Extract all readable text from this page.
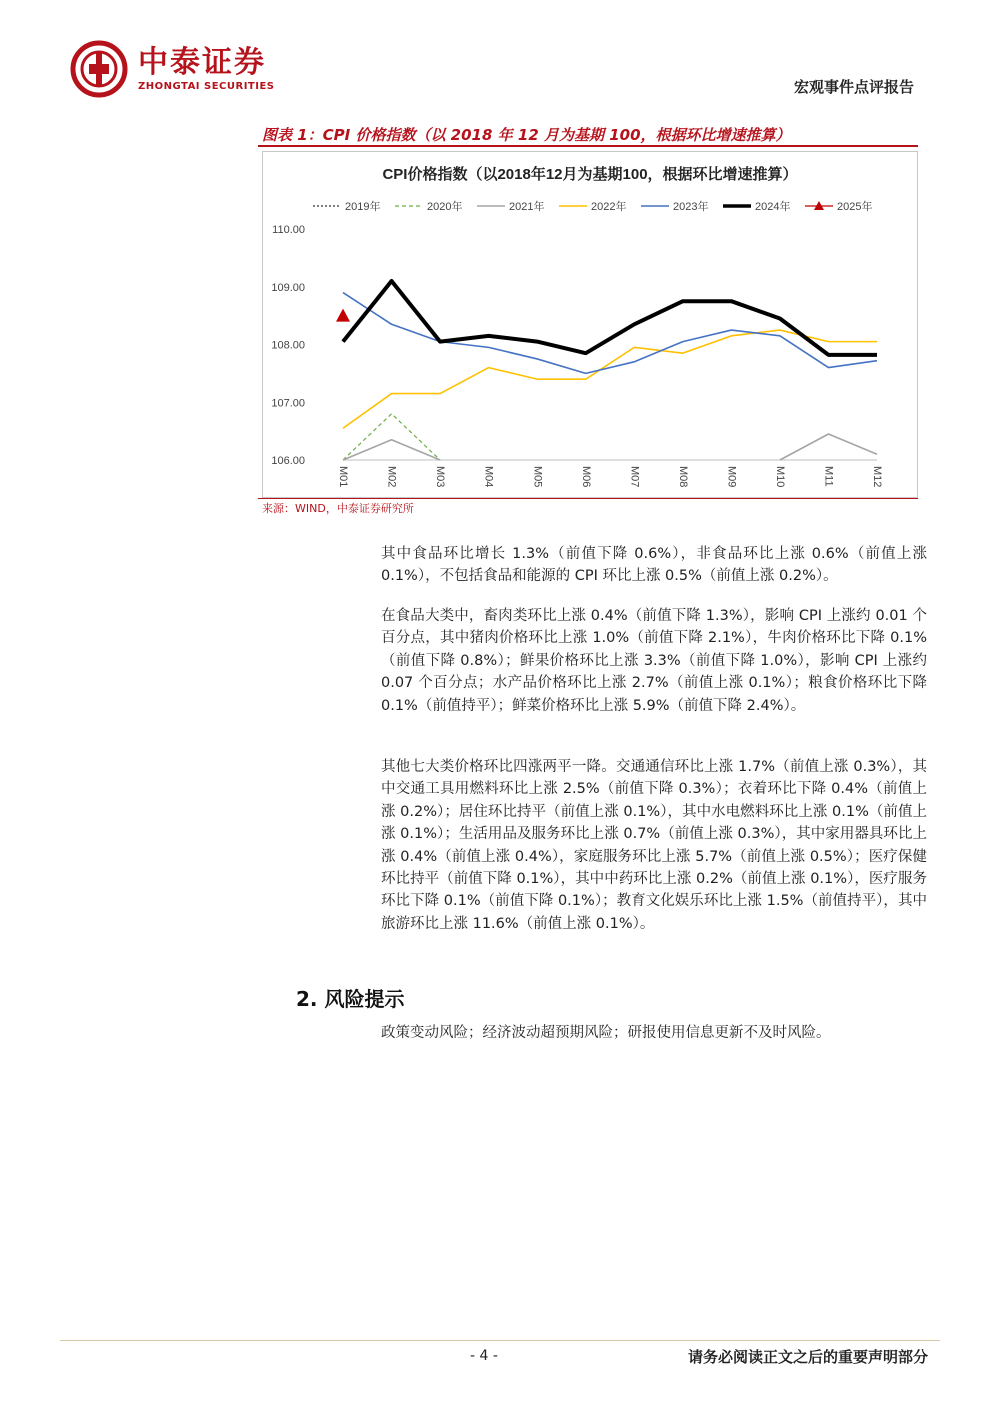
中泰证券
ZHONGTAI SECURITIES	宏观事件点评报告
图表 1：CPI 价格指数（以 2018 年 12 月为基期 100，根据环比增速推算）
CPI价格指数（以2018年12月为基期100，根据环比增速推算）
2019年	2020年	2021年	2022年	2023年	2024年	2025年
110.00
109.00
108.00
107.00
106.00
M01	M02	M03	M04	M05	M06	M07	M08	M09	M10	M11	M12
来源：WIND，中泰证券研究所
其中食品环比增长 1.3%（前值下降 0.6%），非食品环比上涨 0.6%（前值上涨 0.1%），不包括食品和能源的 CPI 环比上涨 0.5%（前值上涨 0.2%）。
在食品大类中，畜肉类环比上涨 0.4%（前值下降 1.3%），影响 CPI 上涨约 0.01 个百分点，其中猪肉价格环比上涨 1.0%（前值下降 2.1%），牛肉价格环比下降 0.1%（前值下降 0.8%）；鲜果价格环比上涨 3.3%（前值下降 1.0%），影响 CPI 上涨约 0.07 个百分点；水产品价格环比上涨 2.7%（前值上涨 0.1%）；粮食价格环比下降 0.1%（前值持平）；鲜菜价格环比上涨 5.9%（前值下降 2.4%）。
其他七大类价格环比四涨两平一降。交通通信环比上涨 1.7%（前值上涨 0.3%），其中交通工具用燃料环比上涨 2.5%（前值下降 0.3%）；衣着环比下降 0.4%（前值上涨 0.2%）；居住环比持平（前值上涨 0.1%），其中水电燃料环比上涨 0.1%（前值上涨 0.1%）；生活用品及服务环比上涨 0.7%（前值上涨 0.3%），其中家用器具环比上涨 0.4%（前值上涨 0.4%），家庭服务环比上涨 5.7%（前值上涨 0.5%）；医疗保健环比持平（前值下降 0.1%），其中中药环比上涨 0.2%（前值上涨 0.1%），医疗服务环比下降 0.1%（前值下降 0.1%）；教育文化娱乐环比上涨 1.5%（前值持平），其中旅游环比上涨 11.6%（前值上涨 0.1%）。
2. 风险提示
政策变动风险；经济波动超预期风险；研报使用信息更新不及时风险。
- 4 -	请务必阅读正文之后的重要声明部分
